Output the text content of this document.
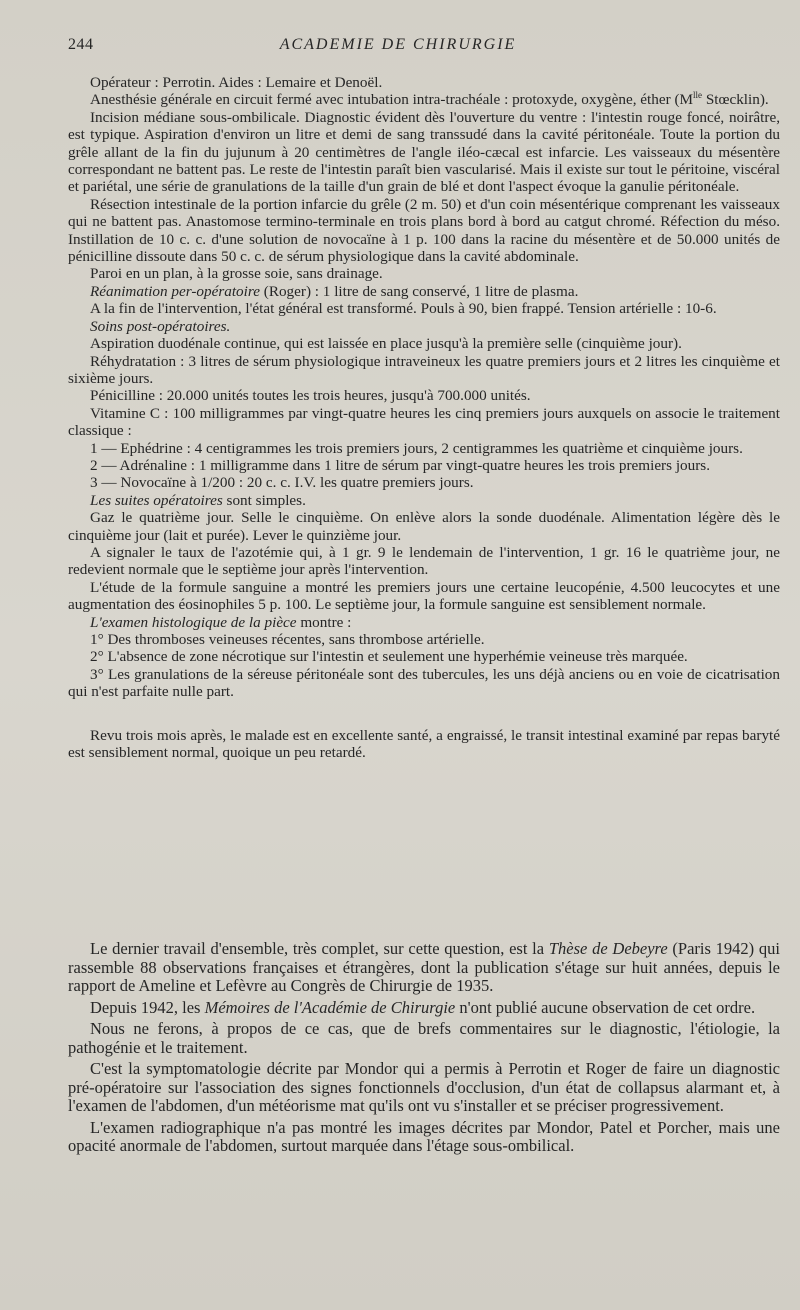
244	ACADEMIE DE CHIRURGIE

Opérateur : Perrotin. Aides : Lemaire et Denoël.

Anesthésie générale en circuit fermé avec intubation intra-trachéale : protoxyde, oxygène, éther ($M^{lle}$ Stœcklin).

Incision médiane sous-ombilicale. Diagnostic évident dès l'ouverture du ventre : l'intestin rouge foncé, noirâtre, est typique. Aspiration d'environ un litre et demi de sang transsudé dans la cavité péritonéale. Toute la portion du grêle allant de la fin du jujunum à 20 centimètres de l'angle iléo-cæcal est infarcie. Les vaisseaux du mésentère correspondant ne battent pas. Le reste de l'intestin paraît bien vascularisé. Mais il existe sur tout le péritoine, viscéral et pariétal, une série de granulations de la taille d'un grain de blé et dont l'aspect évoque la ganulie péritonéale.

Résection intestinale de la portion infarcie du grêle (2 m. 50) et d'un coin mésentérique comprenant les vaisseaux qui ne battent pas. Anastomose termino-terminale en trois plans bord à bord au catgut chromé. Réfection du méso. Instillation de 10 c. c. d'une solution de novocaïne à 1 p. 100 dans la racine du mésentère et de 50.000 unités de pénicilline dissoute dans 50 c. c. de sérum physiologique dans la cavité abdominale.

Paroi en un plan, à la grosse soie, sans drainage.

Réanimation per-opératoire (Roger) : 1 litre de sang conservé, 1 litre de plasma.

A la fin de l'intervention, l'état général est transformé. Pouls à 90, bien frappé. Tension artérielle : 10-6.

Soins post-opératoires.

Aspiration duodénale continue, qui est laissée en place jusqu'à la première selle (cinquième jour).

Réhydratation : 3 litres de sérum physiologique intraveineux les quatre premiers jours et 2 litres les cinquième et sixième jours.

Pénicilline : 20.000 unités toutes les trois heures, jusqu'à 700.000 unités.

Vitamine C : 100 milligrammes par vingt-quatre heures les cinq premiers jours auxquels on associe le traitement classique :

1 — Ephédrine : 4 centigrammes les trois premiers jours, 2 centigrammes les quatrième et cinquième jours.

2 — Adrénaline : 1 milligramme dans 1 litre de sérum par vingt-quatre heures les trois premiers jours.

3 — Novocaïne à 1/200 : 20 c. c. I.V. les quatre premiers jours.

Les suites opératoires sont simples.

Gaz le quatrième jour. Selle le cinquième. On enlève alors la sonde duodénale. Alimentation légère dès le cinquième jour (lait et purée). Lever le quinzième jour.

A signaler le taux de l'azotémie qui, à 1 gr. 9 le lendemain de l'intervention, 1 gr. 16 le quatrième jour, ne redevient normale que le septième jour après l'intervention.

L'étude de la formule sanguine a montré les premiers jours une certaine leucopénie, 4.500 leucocytes et une augmentation des éosinophiles 5 p. 100. Le septième jour, la formule sanguine est sensiblement normale.

L'examen histologique de la pièce montre :

1° Des thromboses veineuses récentes, sans thrombose artérielle.

2° L'absence de zone nécrotique sur l'intestin et seulement une hyperhémie veineuse très marquée.

3° Les granulations de la séreuse péritonéale sont des tubercules, les uns déjà anciens ou en voie de cicatrisation qui n'est parfaite nulle part.

Revu trois mois après, le malade est en excellente santé, a engraissé, le transit intestinal examiné par repas baryté est sensiblement normal, quoique un peu retardé.

Le dernier travail d'ensemble, très complet, sur cette question, est la Thèse de Debeyre (Paris 1942) qui rassemble 88 observations françaises et étrangères, dont la publication s'étage sur huit années, depuis le rapport de Ameline et Lefèvre au Congrès de Chirurgie de 1935.

Depuis 1942, les Mémoires de l'Académie de Chirurgie n'ont publié aucune observation de cet ordre.

Nous ne ferons, à propos de ce cas, que de brefs commentaires sur le diagnostic, l'étiologie, la pathogénie et le traitement.

C'est la symptomatologie décrite par Mondor qui a permis à Perrotin et Roger de faire un diagnostic pré-opératoire sur l'association des signes fonctionnels d'occlusion, d'un état de collapsus alarmant et, à l'examen de l'abdomen, d'un météorisme mat qu'ils ont vu s'installer et se préciser progressivement.

L'examen radiographique n'a pas montré les images décrites par Mondor, Patel et Porcher, mais une opacité anormale de l'abdomen, surtout marquée dans l'étage sous-ombilical.
